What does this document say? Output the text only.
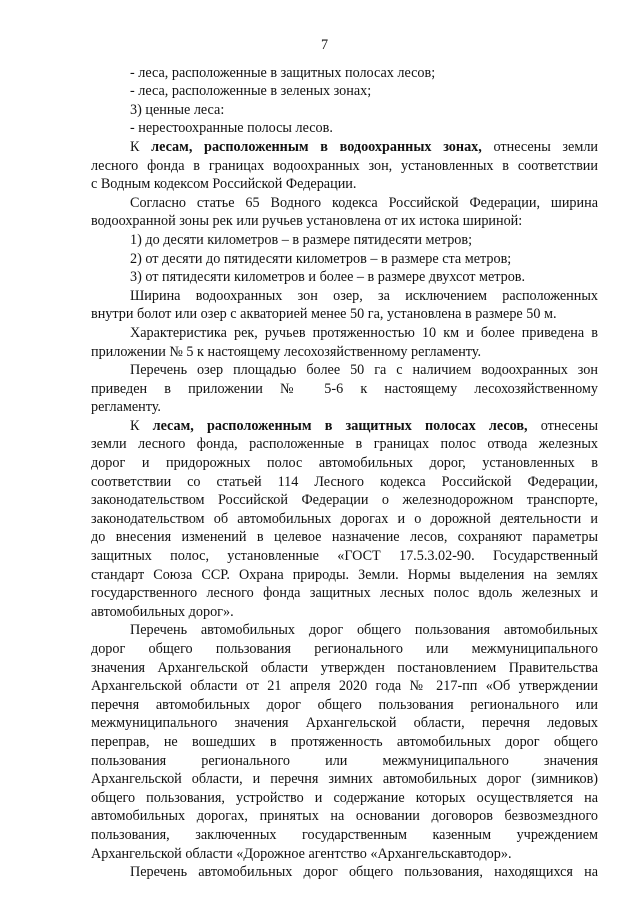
7
- леса, расположенные в защитных полосах лесов;
- леса, расположенные в зеленых зонах;
3) ценные леса:
- нерестоохранные полосы лесов.
К лесам, расположенным в водоохранных зонах, отнесены земли
лесного фонда в границах водоохранных зон, установленных в соответствии
с Водным кодексом Российской Федерации.
Согласно статье 65 Водного кодекса Российской Федерации, ширина
водоохранной зоны рек или ручьев установлена от их истока шириной:
1) до десяти километров – в размере пятидесяти метров;
2) от десяти до пятидесяти километров – в размере ста метров;
3) от пятидесяти километров и более – в размере двухсот метров.
Ширина водоохранных зон озер, за исключением расположенных
внутри болот или озер с акваторией менее 50 га, установлена в размере 50 м.
Характеристика рек, ручьев протяженностью 10 км и более приведена в
приложении № 5 к настоящему лесохозяйственному регламенту.
Перечень озер площадью более 50 га с наличием водоохранных зон
приведен в приложении № 5-6 к настоящему лесохозяйственному
регламенту.
К лесам, расположенным в защитных полосах лесов, отнесены
земли лесного фонда, расположенные в границах полос отвода железных
дорог и придорожных полос автомобильных дорог, установленных в
соответствии со статьей 114 Лесного кодекса Российской Федерации,
законодательством Российской Федерации о железнодорожном транспорте,
законодательством об автомобильных дорогах и о дорожной деятельности и
до внесения изменений в целевое назначение лесов, сохраняют параметры
защитных полос, установленные «ГОСТ 17.5.3.02-90. Государственный
стандарт Союза ССР. Охрана природы. Земли. Нормы выделения на землях
государственного лесного фонда защитных лесных полос вдоль железных и
автомобильных дорог».
Перечень автомобильных дорог общего пользования автомобильных
дорог общего пользования регионального или межмуниципального
значения Архангельской области утвержден постановлением Правительства
Архангельской области от 21 апреля 2020 года № 217-пп «Об утверждении
перечня автомобильных дорог общего пользования регионального или
межмуниципального значения Архангельской области, перечня ледовых
переправ, не вошедших в протяженность автомобильных дорог общего
пользования регионального или межмуниципального значения
Архангельской области, и перечня зимних автомобильных дорог (зимников)
общего пользования, устройство и содержание которых осуществляется на
автомобильных дорогах, принятых на основании договоров безвозмездного
пользования, заключенных государственным казенным учреждением
Архангельской области «Дорожное агентство «Архангельскавтодор».
Перечень автомобильных дорог общего пользования, находящихся на
